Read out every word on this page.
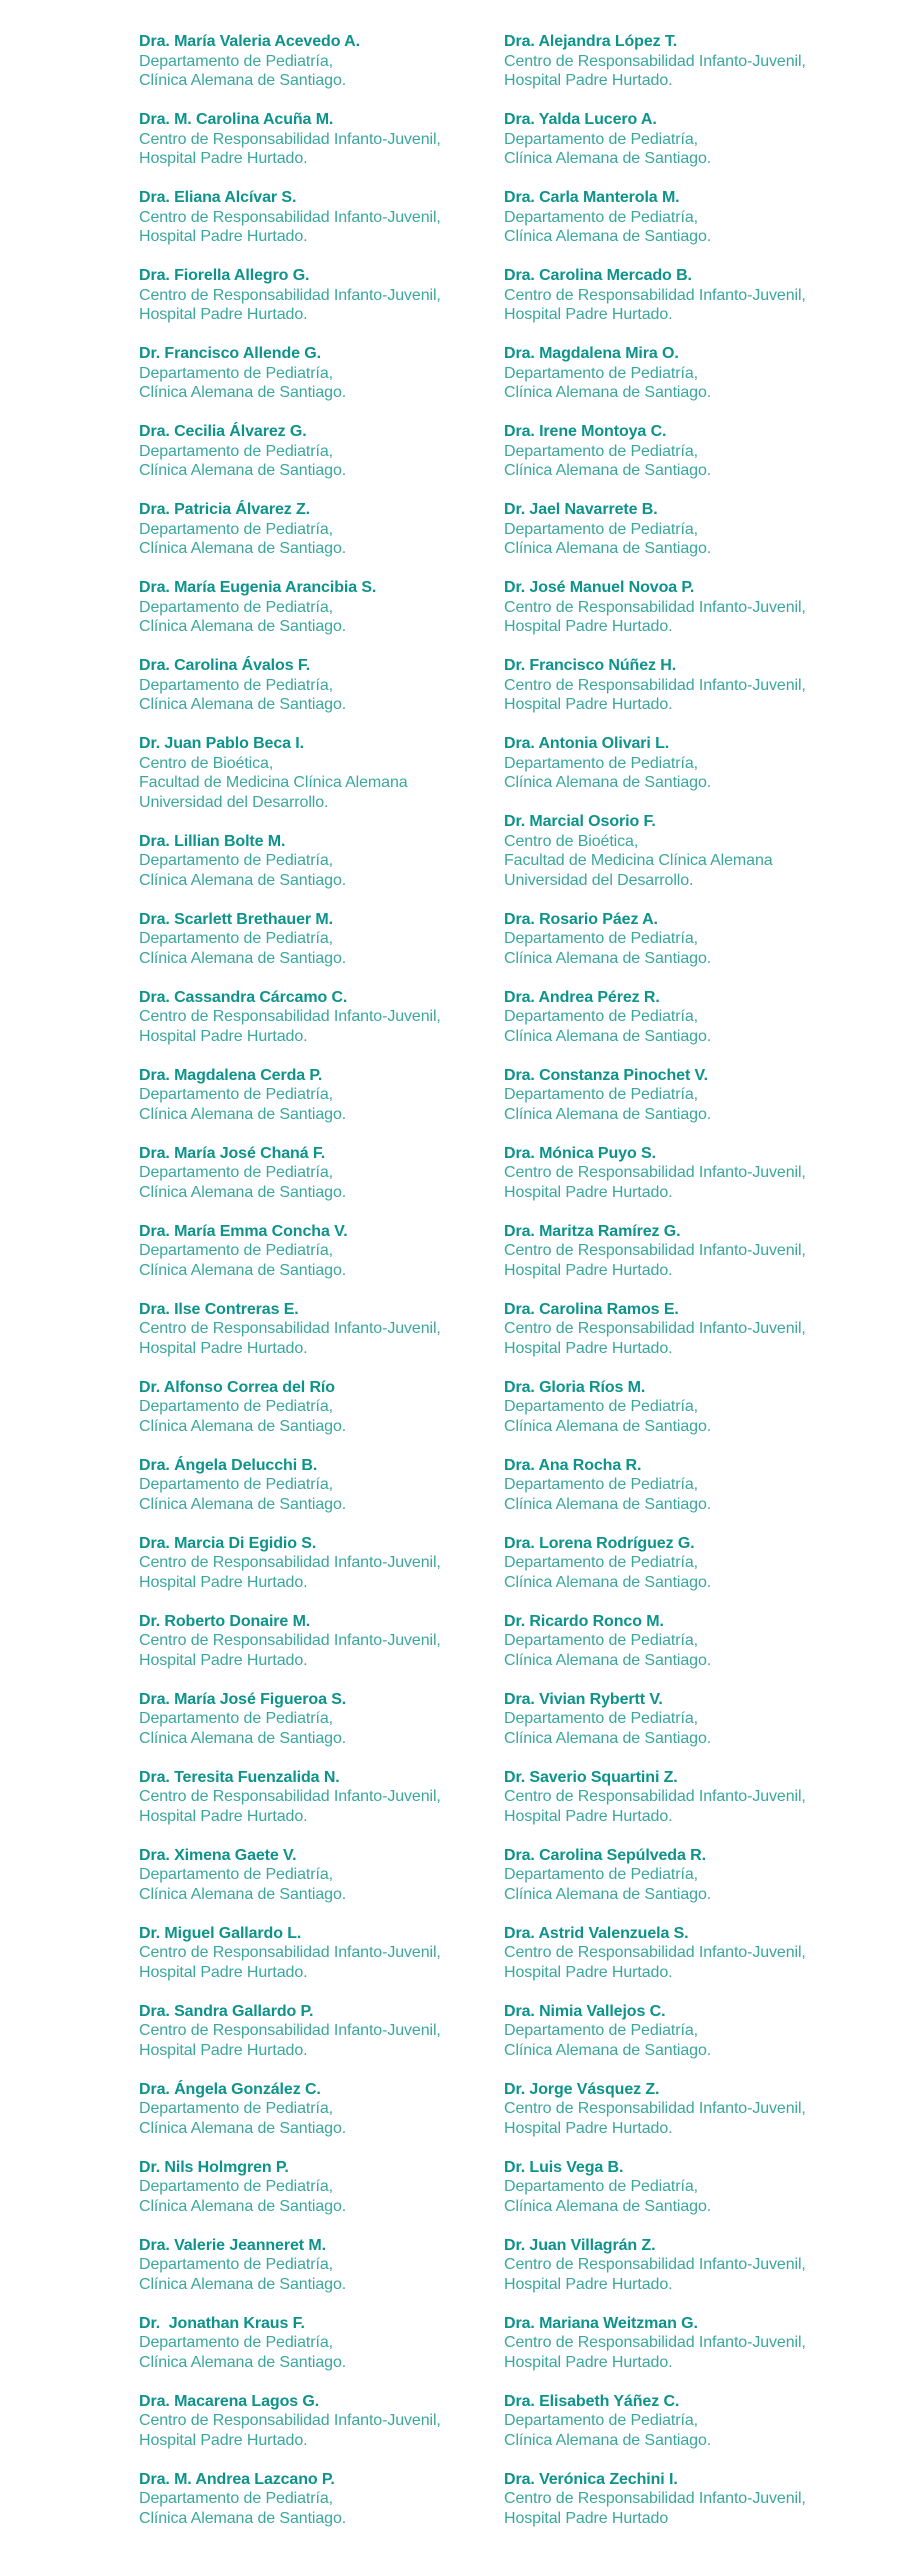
Dra. María Valeria Acevedo A.
Departamento de Pediatría,
Clínica Alemana de Santiago.
Dra. M. Carolina Acuña M.
Centro de Responsabilidad Infanto-Juvenil,
Hospital Padre Hurtado.
Dra. Eliana Alcívar S.
Centro de Responsabilidad Infanto-Juvenil,
Hospital Padre Hurtado.
Dra. Fiorella Allegro G.
Centro de Responsabilidad Infanto-Juvenil,
Hospital Padre Hurtado.
Dr. Francisco Allende G.
Departamento de Pediatría,
Clínica Alemana de Santiago.
Dra. Cecilia Álvarez G.
Departamento de Pediatría,
Clínica Alemana de Santiago.
Dra. Patricia Álvarez Z.
Departamento de Pediatría,
Clínica Alemana de Santiago.
Dra. María Eugenia Arancibia S.
Departamento de Pediatría,
Clínica Alemana de Santiago.
Dra. Carolina Ávalos F.
Departamento de Pediatría,
Clínica Alemana de Santiago.
Dr. Juan Pablo Beca I.
Centro de Bioética,
Facultad de Medicina Clínica Alemana
Universidad del Desarrollo.
Dra. Lillian Bolte M.
Departamento de Pediatría,
Clínica Alemana de Santiago.
Dra. Scarlett Brethauer M.
Departamento de Pediatría,
Clínica Alemana de Santiago.
Dra. Cassandra Cárcamo C.
Centro de Responsabilidad Infanto-Juvenil,
Hospital Padre Hurtado.
Dra. Magdalena Cerda P.
Departamento de Pediatría,
Clínica Alemana de Santiago.
Dra. María José Chaná F.
Departamento de Pediatría,
Clínica Alemana de Santiago.
Dra. María Emma Concha V.
Departamento de Pediatría,
Clínica Alemana de Santiago.
Dra. Ilse Contreras E.
Centro de Responsabilidad Infanto-Juvenil,
Hospital Padre Hurtado.
Dr. Alfonso Correa del Río
Departamento de Pediatría,
Clínica Alemana de Santiago.
Dra. Ángela Delucchi B.
Departamento de Pediatría,
Clínica Alemana de Santiago.
Dra. Marcia Di Egidio S.
Centro de Responsabilidad Infanto-Juvenil,
Hospital Padre Hurtado.
Dr. Roberto Donaire M.
Centro de Responsabilidad Infanto-Juvenil,
Hospital Padre Hurtado.
Dra. María José Figueroa S.
Departamento de Pediatría,
Clínica Alemana de Santiago.
Dra. Teresita Fuenzalida N.
Centro de Responsabilidad Infanto-Juvenil,
Hospital Padre Hurtado.
Dra. Ximena Gaete V.
Departamento de Pediatría,
Clínica Alemana de Santiago.
Dr. Miguel Gallardo L.
Centro de Responsabilidad Infanto-Juvenil,
Hospital Padre Hurtado.
Dra. Sandra Gallardo P.
Centro de Responsabilidad Infanto-Juvenil,
Hospital Padre Hurtado.
Dra. Ángela González C.
Departamento de Pediatría,
Clínica Alemana de Santiago.
Dr. Nils Holmgren P.
Departamento de Pediatría,
Clínica Alemana de Santiago.
Dra. Valerie Jeanneret M.
Departamento de Pediatría,
Clínica Alemana de Santiago.
Dr.  Jonathan Kraus F.
Departamento de Pediatría,
Clínica Alemana de Santiago.
Dra. Macarena Lagos G.
Centro de Responsabilidad Infanto-Juvenil,
Hospital Padre Hurtado.
Dra. M. Andrea Lazcano P.
Departamento de Pediatría,
Clínica Alemana de Santiago.
Dra. Alejandra López T.
Centro de Responsabilidad Infanto-Juvenil,
Hospital Padre Hurtado.
Dra. Yalda Lucero A.
Departamento de Pediatría,
Clínica Alemana de Santiago.
Dra. Carla Manterola M.
Departamento de Pediatría,
Clínica Alemana de Santiago.
Dra. Carolina Mercado B.
Centro de Responsabilidad Infanto-Juvenil,
Hospital Padre Hurtado.
Dra. Magdalena Mira O.
Departamento de Pediatría,
Clínica Alemana de Santiago.
Dra. Irene Montoya C.
Departamento de Pediatría,
Clínica Alemana de Santiago.
Dr. Jael Navarrete B.
Departamento de Pediatría,
Clínica Alemana de Santiago.
Dr. José Manuel Novoa P.
Centro de Responsabilidad Infanto-Juvenil,
Hospital Padre Hurtado.
Dr. Francisco Núñez H.
Centro de Responsabilidad Infanto-Juvenil,
Hospital Padre Hurtado.
Dra. Antonia Olivari L.
Departamento de Pediatría,
Clínica Alemana de Santiago.
Dr. Marcial Osorio F.
Centro de Bioética,
Facultad de Medicina Clínica Alemana
Universidad del Desarrollo.
Dra. Rosario Páez A.
Departamento de Pediatría,
Clínica Alemana de Santiago.
Dra. Andrea Pérez R.
Departamento de Pediatría,
Clínica Alemana de Santiago.
Dra. Constanza Pinochet V.
Departamento de Pediatría,
Clínica Alemana de Santiago.
Dra. Mónica Puyo S.
Centro de Responsabilidad Infanto-Juvenil,
Hospital Padre Hurtado.
Dra. Maritza Ramírez G.
Centro de Responsabilidad Infanto-Juvenil,
Hospital Padre Hurtado.
Dra. Carolina Ramos E.
Centro de Responsabilidad Infanto-Juvenil,
Hospital Padre Hurtado.
Dra. Gloria Ríos M.
Departamento de Pediatría,
Clínica Alemana de Santiago.
Dra. Ana Rocha R.
Departamento de Pediatría,
Clínica Alemana de Santiago.
Dra. Lorena Rodríguez G.
Departamento de Pediatría,
Clínica Alemana de Santiago.
Dr. Ricardo Ronco M.
Departamento de Pediatría,
Clínica Alemana de Santiago.
Dra. Vivian Rybertt V.
Departamento de Pediatría,
Clínica Alemana de Santiago.
Dr. Saverio Squartini Z.
Centro de Responsabilidad Infanto-Juvenil,
Hospital Padre Hurtado.
Dra. Carolina Sepúlveda R.
Departamento de Pediatría,
Clínica Alemana de Santiago.
Dra. Astrid Valenzuela S.
Centro de Responsabilidad Infanto-Juvenil,
Hospital Padre Hurtado.
Dra. Nimia Vallejos C.
Departamento de Pediatría,
Clínica Alemana de Santiago.
Dr. Jorge Vásquez Z.
Centro de Responsabilidad Infanto-Juvenil,
Hospital Padre Hurtado.
Dr. Luis Vega B.
Departamento de Pediatría,
Clínica Alemana de Santiago.
Dr. Juan Villagrán Z.
Centro de Responsabilidad Infanto-Juvenil,
Hospital Padre Hurtado.
Dra. Mariana Weitzman G.
Centro de Responsabilidad Infanto-Juvenil,
Hospital Padre Hurtado.
Dra. Elisabeth Yáñez C.
Departamento de Pediatría,
Clínica Alemana de Santiago.
Dra. Verónica Zechini I.
Centro de Responsabilidad Infanto-Juvenil,
Hospital Padre Hurtado
